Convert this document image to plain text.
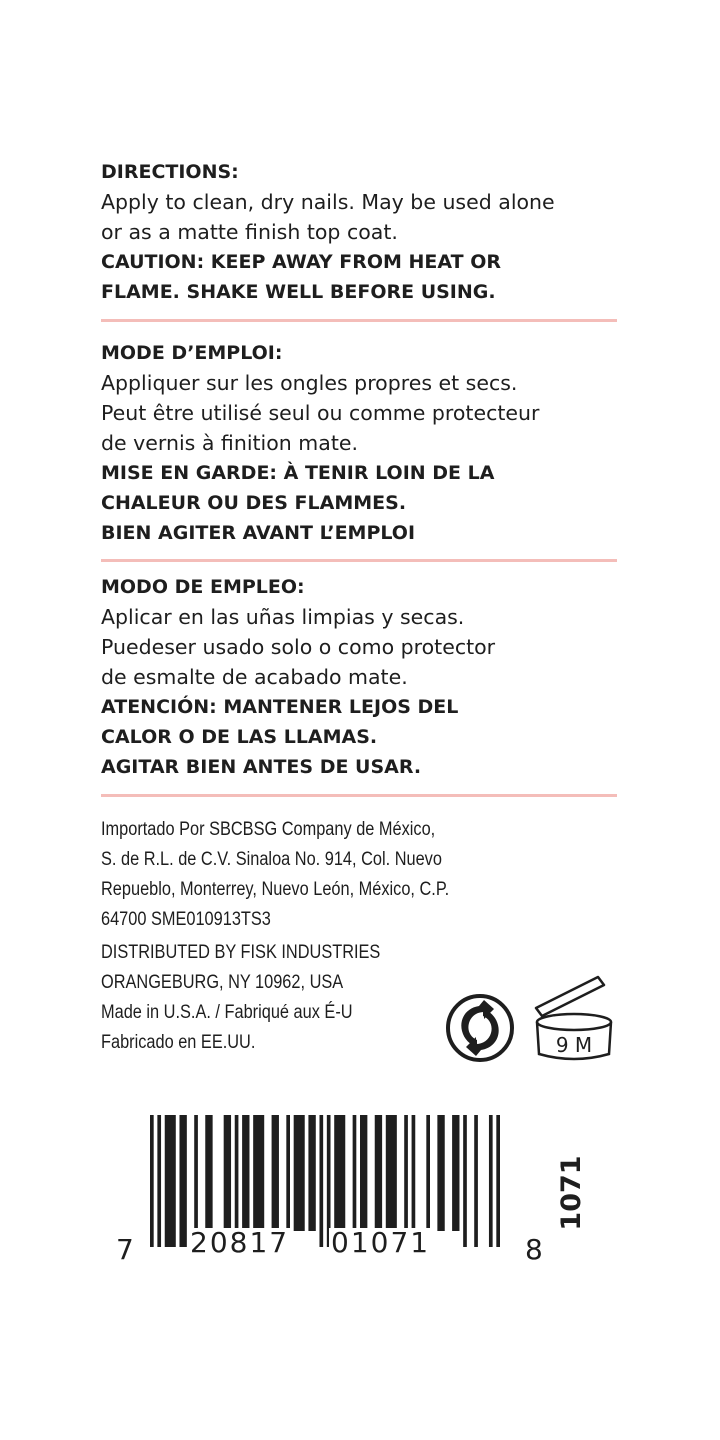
DIRECTIONS:
Apply to clean, dry nails. May be used alone
or as a matte finish top coat.
CAUTION: KEEP AWAY FROM HEAT OR
FLAME. SHAKE WELL BEFORE USING.
MODE D’EMPLOI:
Appliquer sur les ongles propres et secs.
Peut être utilisé seul ou comme protecteur
de vernis à finition mate.
MISE EN GARDE: À TENIR LOIN DE LA
CHALEUR OU DES FLAMMES.
BIEN AGITER AVANT L’EMPLOI
MODO DE EMPLEO:
Aplicar en las uñas limpias y secas.
Puedeser usado solo o como protector
de esmalte de acabado mate.
ATENCIÓN: MANTENER LEJOS DEL
CALOR O DE LAS LLAMAS.
AGITAR BIEN ANTES DE USAR.
Importado Por SBCBSG Company de México,
S. de R.L. de C.V. Sinaloa No. 914, Col. Nuevo
Repueblo, Monterrey, Nuevo León, México, C.P.
64700 SME010913TS3
DISTRIBUTED BY FISK INDUSTRIES
ORANGEBURG, NY 10962, USA
Made in U.S.A. / Fabriqué aux É-U
Fabricado en EE.UU.	9 M
7 20817 01071	8
1071
